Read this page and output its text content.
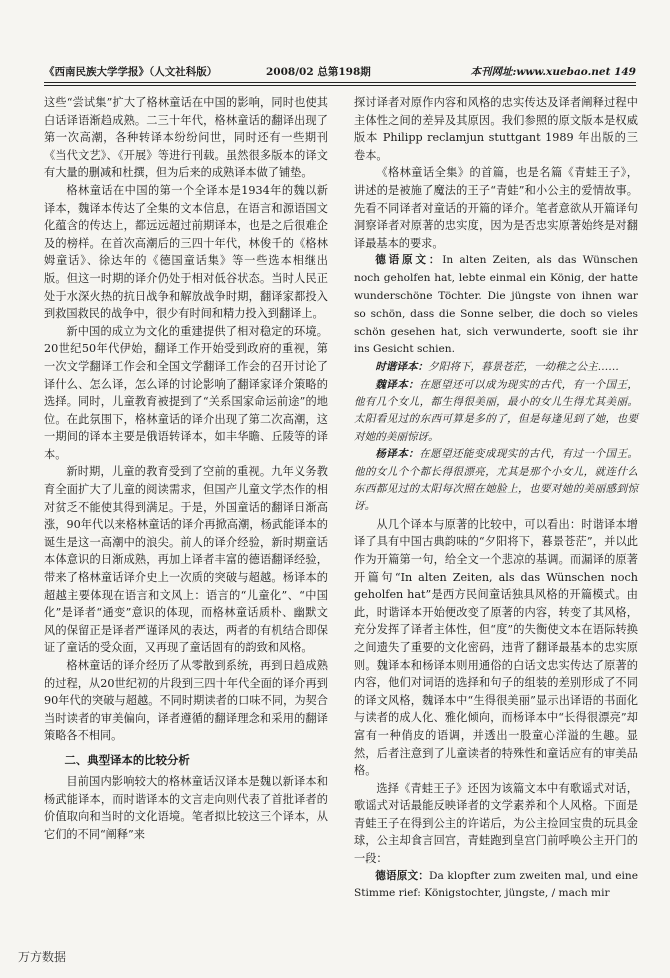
《西南民族大学学报》（人文社科版）	2008/02 总第198期	本刊网址:www.xuebao.net 149

这些“尝试集”扩大了格林童话在中国的影响，同时也使其白话译语渐趋成熟。二三十年代，格林童话的翻译出现了第一次高潮，各种转译本纷纷问世，同时还有一些期刊《当代文艺》、《开展》等进行刊载。虽然很多版本的译文有大量的删减和杜撰，但为后来的成熟译本做了铺垫。

格林童话在中国的第一个全译本是1934年的魏以新译本，魏译本传达了全集的文本信息，在语言和源语国文化蕴含的传达上，都远远超过前期译本，也是之后很难企及的榜样。在首次高潮后的三四十年代，林俊千的《格林姆童话》、徐达年的《德国童话集》等一些选本相继出版。但这一时期的译介仍处于相对低谷状态。当时人民正处于水深火热的抗日战争和解放战争时期，翻译家都投入到救国救民的战争中，很少有时间和精力投入到翻译上。

新中国的成立为文化的重建提供了相对稳定的环境。20世纪50年代伊始，翻译工作开始受到政府的重视，第一次文学翻译工作会和全国文学翻译工作会的召开讨论了译什么、怎么译，怎么译的讨论影响了翻译家译介策略的选择。同时，儿童教育被提到了“关系国家命运前途”的地位。在此氛围下，格林童话的译介出现了第二次高潮，这一期间的译本主要是俄语转译本，如丰华瞻、丘陵等的译本。

新时期，儿童的教育受到了空前的重视。九年义务教育全面扩大了儿童的阅读需求，但国产儿童文学杰作的相对贫乏不能使其得到满足。于是，外国童话的翻译日渐高涨，90年代以来格林童话的译介再掀高潮，杨武能译本的诞生是这一高潮中的浪尖。前人的译介经验，新时期童话本体意识的日渐成熟，再加上译者丰富的德语翻译经验，带来了格林童话译介史上一次质的突破与超越。杨译本的超越主要体现在语言和文风上：语言的“儿童化”、“中国化”是译者“通变”意识的体现，而格林童话质朴、幽默文风的保留正是译者严谨译风的表达，两者的有机结合即保证了童话的受众面，又再现了童话固有的韵致和风格。

格林童话的译介经历了从零散到系统，再到日趋成熟的过程，从20世纪初的片段到三四十年代全面的译介再到90年代的突破与超越。不同时期读者的口味不同，为契合当时读者的审美偏向，译者遵循的翻译理念和采用的翻译策略各不相同。

二、典型译本的比较分析

目前国内影响较大的格林童话汉译本是魏以新译本和杨武能译本，而时谐译本的文言走向则代表了首批译者的价值取向和当时的文化语境。笔者拟比较这三个译本，从它们的不同“阐释”来

探讨译者对原作内容和风格的忠实传达及译者阐释过程中主体性之间的差异及其原因。我们参照的原文版本是权威版本 Philipp reclamjun stuttgant 1989 年出版的三卷本。

《格林童话全集》的首篇，也是名篇《青蛙王子》，讲述的是被施了魔法的王子“青蛙”和小公主的爱情故事。先看不同译者对童话的开篇的译介。笔者意欲从开篇译句洞察译者对原著的忠实度，因为是否忠实原著始终是对翻译最基本的要求。

德语原文：In alten Zeiten, als das Wünschen noch geholfen hat, lebte einmal ein König, der hatte wunderschöne Töchter. Die jüngste von ihnen war so schön, dass die Sonne selber, die doch so vieles schön gesehen hat, sich verwunderte, sooft sie ihr ins Gesicht schien.

时谐译本：夕阳将下，暮景苍茫，一幼稚之公主……

魏译本：在愿望还可以成为现实的古代，有一个国王，他有几个女儿，都生得很美丽，最小的女儿生得尤其美丽。太阳看见过的东西可算是多的了，但是每逢见到了她，也要对她的美丽惊讶。

杨译本：在愿望还能变成现实的古代，有过一个国王。他的女儿个个都长得很漂亮，尤其是那个小女儿，就连什么东西都见过的太阳每次照在她脸上，也要对她的美丽感到惊讶。

从几个译本与原著的比较中，可以看出：时谐译本增译了具有中国古典韵味的“夕阳将下，暮景苍茫”，并以此作为开篇第一句，给全文一个悲凉的基调。而漏译的原著开篇句“In alten Zeiten, als das Wünschen noch geholfen hat”是西方民间童话独具风格的开篇模式。由此，时谐译本开始便改变了原著的内容，转变了其风格，充分发挥了译者主体性，但“度”的失衡使文本在语际转换之间遗失了重要的文化密码，违背了翻译最基本的忠实原则。魏译本和杨译本则用通俗的白话文忠实传达了原著的内容，他们对词语的选择和句子的组装的差别形成了不同的译文风格，魏译本中“生得很美丽”显示出译语的书面化与读者的成人化、雅化倾向，而杨译本中“长得很漂亮”却富有一种俏皮的语调，并透出一股童心洋溢的生趣。显然，后者注意到了儿童读者的特殊性和童话应有的审美品格。

选择《青蛙王子》还因为该篇文本中有歌谣式对话，歌谣式对话最能反映译者的文学素养和个人风格。下面是青蛙王子在得到公主的许诺后，为公主捡回宝贵的玩具金球，公主却食言回宫，青蛙跑到皇宫门前呼唤公主开门的一段：

德语原文：Da klopfter zum zweiten mal, und eine Stimme rief: Königstochter, jüngste, / mach mir

万方数据
